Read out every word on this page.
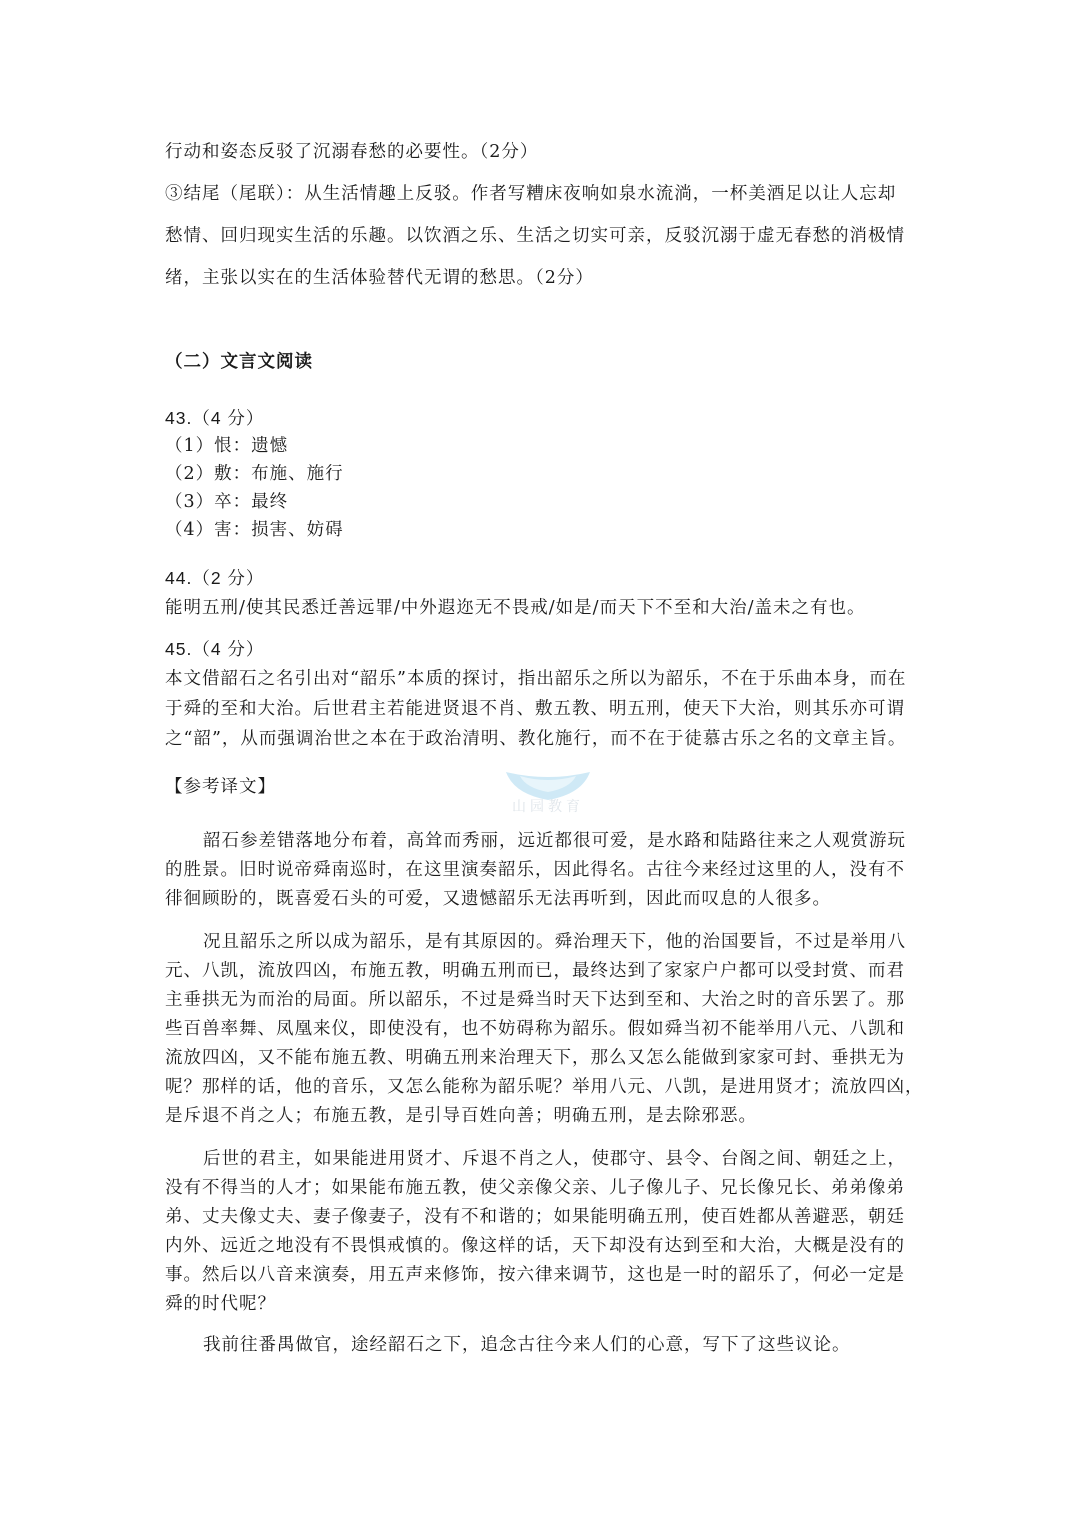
行动和姿态反驳了沉溺春愁的必要性。（2分）
③结尾（尾联）：从生活情趣上反驳。作者写糟床夜响如泉水流淌，一杯美酒足以让人忘却
愁情、回归现实生活的乐趣。以饮酒之乐、生活之切实可亲，反驳沉溺于虚无春愁的消极情
绪，主张以实在的生活体验替代无谓的愁思。（2分）
（二）文言文阅读
43.（4 分）
（1）恨：遗憾
（2）敷：布施、施行
（3）卒：最终
（4）害：损害、妨碍
44.（2 分）
能明五刑/使其民悉迁善远罪/中外遐迩无不畏戒/如是/而天下不至和大治/盖未之有也。
45.（4 分）
本文借韶石之名引出对“韶乐”本质的探讨，指出韶乐之所以为韶乐，不在于乐曲本身，而在
于舜的至和大治。后世君主若能进贤退不肖、敷五教、明五刑，使天下大治，则其乐亦可谓
之“韶”，从而强调治世之本在于政治清明、教化施行，而不在于徒慕古乐之名的文章主旨。
【参考译文】
山园教育
韶石参差错落地分布着，高耸而秀丽，远近都很可爱，是水路和陆路往来之人观赏游玩
的胜景。旧时说帝舜南巡时，在这里演奏韶乐，因此得名。古往今来经过这里的人，没有不
徘徊顾盼的，既喜爱石头的可爱，又遗憾韶乐无法再听到，因此而叹息的人很多。
况且韶乐之所以成为韶乐，是有其原因的。舜治理天下，他的治国要旨，不过是举用八
元、八凯，流放四凶，布施五教，明确五刑而已，最终达到了家家户户都可以受封赏、而君
主垂拱无为而治的局面。所以韶乐，不过是舜当时天下达到至和、大治之时的音乐罢了。那
些百兽率舞、凤凰来仪，即使没有，也不妨碍称为韶乐。假如舜当初不能举用八元、八凯和
流放四凶，又不能布施五教、明确五刑来治理天下，那么又怎么能做到家家可封、垂拱无为
呢？那样的话，他的音乐，又怎么能称为韶乐呢？举用八元、八凯，是进用贤才；流放四凶，
是斥退不肖之人；布施五教，是引导百姓向善；明确五刑，是去除邪恶。
后世的君主，如果能进用贤才、斥退不肖之人，使郡守、县令、台阁之间、朝廷之上，
没有不得当的人才；如果能布施五教，使父亲像父亲、儿子像儿子、兄长像兄长、弟弟像弟
弟、丈夫像丈夫、妻子像妻子，没有不和谐的；如果能明确五刑，使百姓都从善避恶，朝廷
内外、远近之地没有不畏惧戒慎的。像这样的话，天下却没有达到至和大治，大概是没有的
事。然后以八音来演奏，用五声来修饰，按六律来调节，这也是一时的韶乐了，何必一定是
舜的时代呢？
我前往番禺做官，途经韶石之下，追念古往今来人们的心意，写下了这些议论。
